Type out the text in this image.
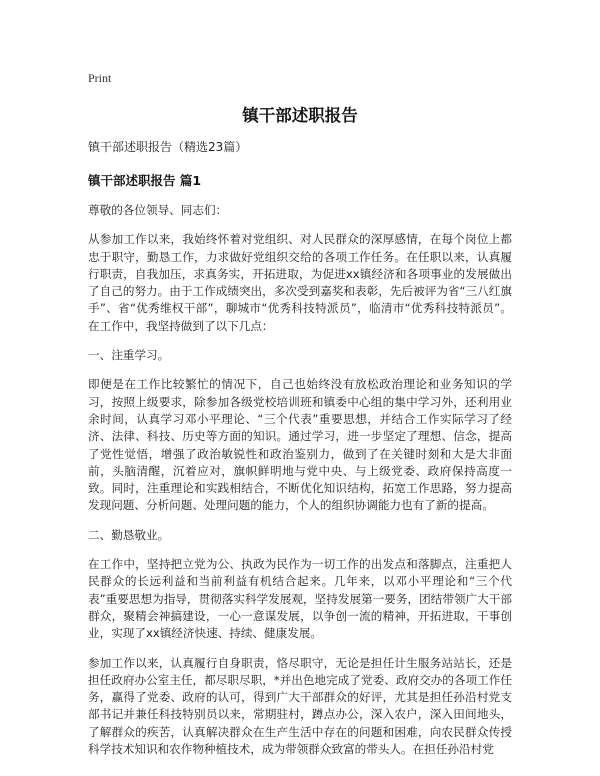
Print
镇干部述职报告
镇干部述职报告（精选23篇）
镇干部述职报告 篇1

尊敬的各位领导、同志们：

从参加工作以来，我始终怀着对党组织、对人民群众的深厚感情，在每个岗位上都忠于职守，勤恳工作，力求做好党组织交给的各项工作任务。在任职以来，认真履行职责，自我加压，求真务实，开拓进取，为促进xx镇经济和各项事业的发展做出了自己的努力。由于工作成绩突出，多次受到嘉奖和表彰，先后被评为省“三八红旗手”、省“优秀维权干部”，聊城市“优秀科技特派员”，临清市“优秀科技特派员”。在工作中，我坚持做到了以下几点：

一、注重学习。

即便是在工作比较繁忙的情况下，自己也始终没有放松政治理论和业务知识的学习，按照上级要求，除参加各级党校培训班和镇委中心组的集中学习外，还利用业余时间，认真学习邓小平理论、“三个代表”重要思想，并结合工作实际学习了经济、法律、科技、历史等方面的知识。通过学习，进一步坚定了理想、信念，提高了党性觉悟，增强了政治敏锐性和政治鉴别力，做到了在关键时刻和大是大非面前，头脑清醒，沉着应对，旗帜鲜明地与党中央、与上级党委、政府保持高度一致。同时，注重理论和实践相结合，不断优化知识结构，拓宽工作思路，努力提高发现问题、分析问题、处理问题的能力，个人的组织协调能力也有了新的提高。

二、勤恳敬业。

在工作中，坚持把立党为公、执政为民作为一切工作的出发点和落脚点，注重把人民群众的长远利益和当前利益有机结合起来。几年来，以邓小平理论和“三个代表”重要思想为指导，贯彻落实科学发展观，坚持发展第一要务，团结带领广大干部群众，聚精会神搞建设，一心一意谋发展，以争创一流的精神，开拓进取，干事创业，实现了xx镇经济快速、持续、健康发展。

参加工作以来，认真履行自身职责，恪尽职守，无论是担任计生服务站站长，还是担任政府办公室主任，都尽职尽职，*并出色地完成了党委、政府交办的各项工作任务，赢得了党委、政府的认可，得到广大干部群众的好评，尤其是担任孙沿村党支部书记并兼任科技特别员以来，常期驻村，蹲点办公，深入农户，深入田间地头，了解群众的疾苦，认真解决群众在生产生活中存在的问题和困难，向农民群众传授科学技术知识和农作物种植技术，成为带领群众致富的带头人。在担任孙沿村党
